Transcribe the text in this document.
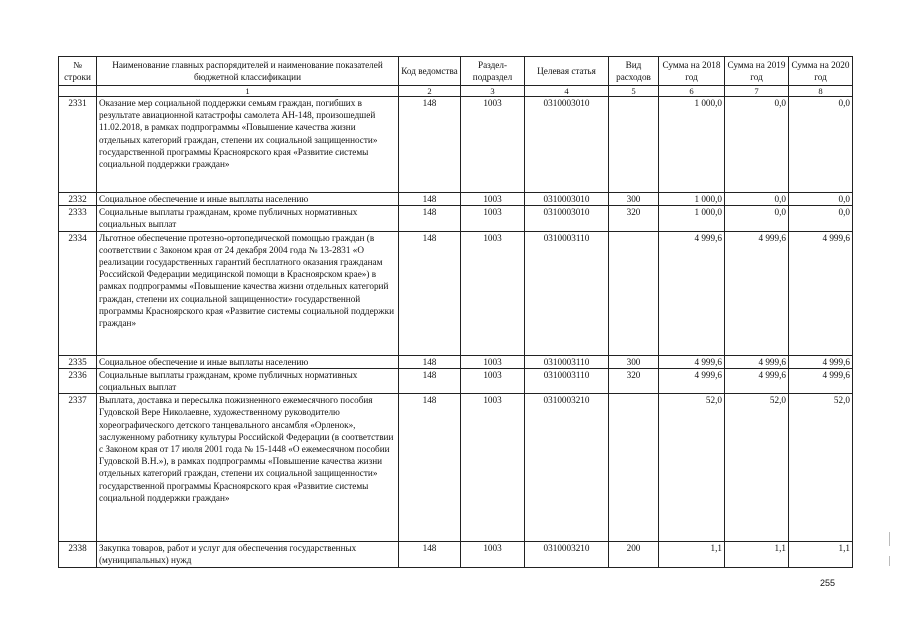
№ строки	Наименование главных распорядителей и наименование показателей бюджетной классификации	Код ведомства	Раздел-подраздел	Целевая статья	Вид расходов	Сумма на 2018 год	Сумма на 2019 год	Сумма на 2020 год
	1	2	3	4	5	6	7	8
2331	Оказание мер социальной поддержки семьям граждан, погибших в результате авиационной катастрофы самолета АН-148, произошедшей 11.02.2018, в рамках подпрограммы «Повышение качества жизни отдельных категорий граждан, степени их социальной защищенности» государственной программы Красноярского края «Развитие системы социальной поддержки граждан»	148	1003	0310003010		1 000,0	0,0	0,0
2332	Социальное обеспечение и иные выплаты населению	148	1003	0310003010	300	1 000,0	0,0	0,0
2333	Социальные выплаты гражданам, кроме публичных нормативных социальных выплат	148	1003	0310003010	320	1 000,0	0,0	0,0
2334	Льготное обеспечение протезно-ортопедической помощью граждан (в соответствии с Законом края от 24 декабря 2004 года № 13-2831 «О реализации государственных гарантий бесплатного оказания гражданам Российской Федерации медицинской помощи в Красноярском крае») в рамках подпрограммы «Повышение качества жизни отдельных категорий граждан, степени их социальной защищенности» государственной программы Красноярского края «Развитие системы социальной поддержки граждан»	148	1003	0310003110		4 999,6	4 999,6	4 999,6
2335	Социальное обеспечение и иные выплаты населению	148	1003	0310003110	300	4 999,6	4 999,6	4 999,6
2336	Социальные выплаты гражданам, кроме публичных нормативных социальных выплат	148	1003	0310003110	320	4 999,6	4 999,6	4 999,6
2337	Выплата, доставка и пересылка пожизненного ежемесячного пособия Гудовской Вере Николаевне, художественному руководителю хореографического детского танцевального ансамбля «Орленок», заслуженному работнику культуры Российской Федерации (в соответствии с Законом края от 17 июля 2001 года № 15-1448 «О ежемесячном пособии Гудовской В.Н.»), в рамках подпрограммы «Повышение качества жизни отдельных категорий граждан, степени их социальной защищенности» государственной программы Красноярского края «Развитие системы социальной поддержки граждан»	148	1003	0310003210		52,0	52,0	52,0
2338	Закупка товаров, работ и услуг для обеспечения государственных (муниципальных) нужд	148	1003	0310003210	200	1,1	1,1	1,1
255
